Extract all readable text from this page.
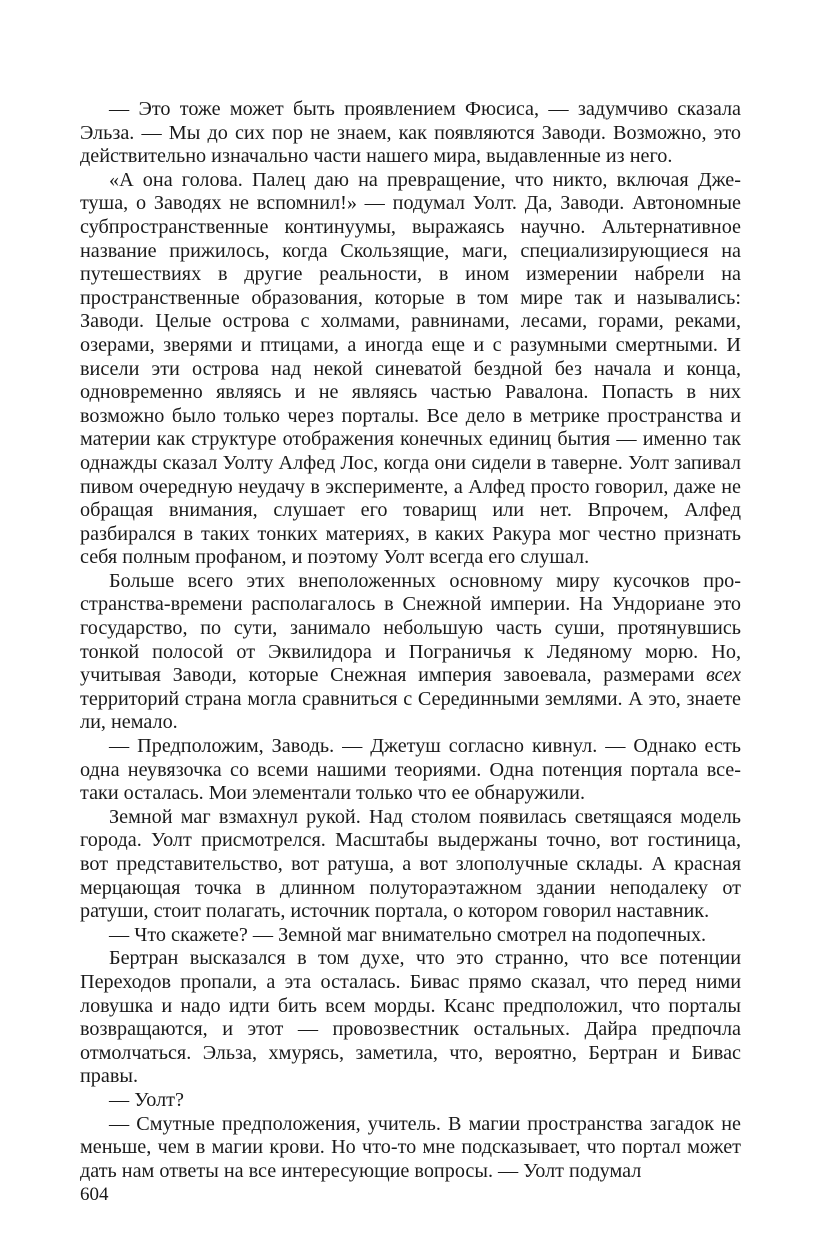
— Это тоже может быть проявлением Фюсиса, — задумчиво сказала Эльза. — Мы до сих пор не знаем, как появляются Заводи. Возможно, это действительно изначально части нашего мира, выдавленные из него.

«А она голова. Палец даю на превращение, что никто, включая Джетуша, о Заводях не вспомнил!» — подумал Уолт. Да, Заводи. Автономные субпространственные континуумы, выражаясь научно. Альтернативное название прижилось, когда Скользящие, маги, специализирующиеся на путешествиях в другие реальности, в ином измерении набрели на пространственные образования, которые в том мире так и назывались: Заводи. Целые острова с холмами, равнинами, лесами, горами, реками, озерами, зверями и птицами, а иногда еще и с разумными смертными. И висели эти острова над некой синеватой бездной без начала и конца, одновременно являясь и не являясь частью Равалона. Попасть в них возможно было только через порталы. Все дело в метрике пространства и материи как структуре отображения конечных единиц бытия — именно так однажды сказал Уолту Алфед Лос, когда они сидели в таверне. Уолт запивал пивом очередную неудачу в эксперименте, а Алфед просто говорил, даже не обращая внимания, слушает его товарищ или нет. Впрочем, Алфед разбирался в таких тонких материях, в каких Ракура мог честно признать себя полным профаном, и поэтому Уолт всегда его слушал.

Больше всего этих внеположенных основному миру кусочков пространства-времени располагалось в Снежной империи. На Ундориане это государство, по сути, занимало небольшую часть суши, протянувшись тонкой полосой от Эквилидора и Пограничья к Ледяному морю. Но, учитывая Заводи, которые Снежная империя завоевала, размерами всех территорий страна могла сравниться с Серединными землями. А это, знаете ли, немало.

— Предположим, Заводь. — Джетуш согласно кивнул. — Однако есть одна неувязочка со всеми нашими теориями. Одна потенция портала все-таки осталась. Мои элементали только что ее обнаружили.

Земной маг взмахнул рукой. Над столом появилась светящаяся модель города. Уолт присмотрелся. Масштабы выдержаны точно, вот гостиница, вот представительство, вот ратуша, а вот злополучные склады. А красная мерцающая точка в длинном полутораэтажном здании неподалеку от ратуши, стоит полагать, источник портала, о котором говорил наставник.

— Что скажете? — Земной маг внимательно смотрел на подопечных.

Бертран высказался в том духе, что это странно, что все потенции Переходов пропали, а эта осталась. Бивас прямо сказал, что перед ними ловушка и надо идти бить всем морды. Ксанс предположил, что порталы возвращаются, и этот — провозвестник остальных. Дайра предпочла отмолчаться. Эльза, хмурясь, заметила, что, вероятно, Бертран и Бивас правы.

— Уолт?

— Смутные предположения, учитель. В магии пространства загадок не меньше, чем в магии крови. Но что-то мне подсказывает, что портал может дать нам ответы на все интересующие вопросы. — Уолт подумал

604
